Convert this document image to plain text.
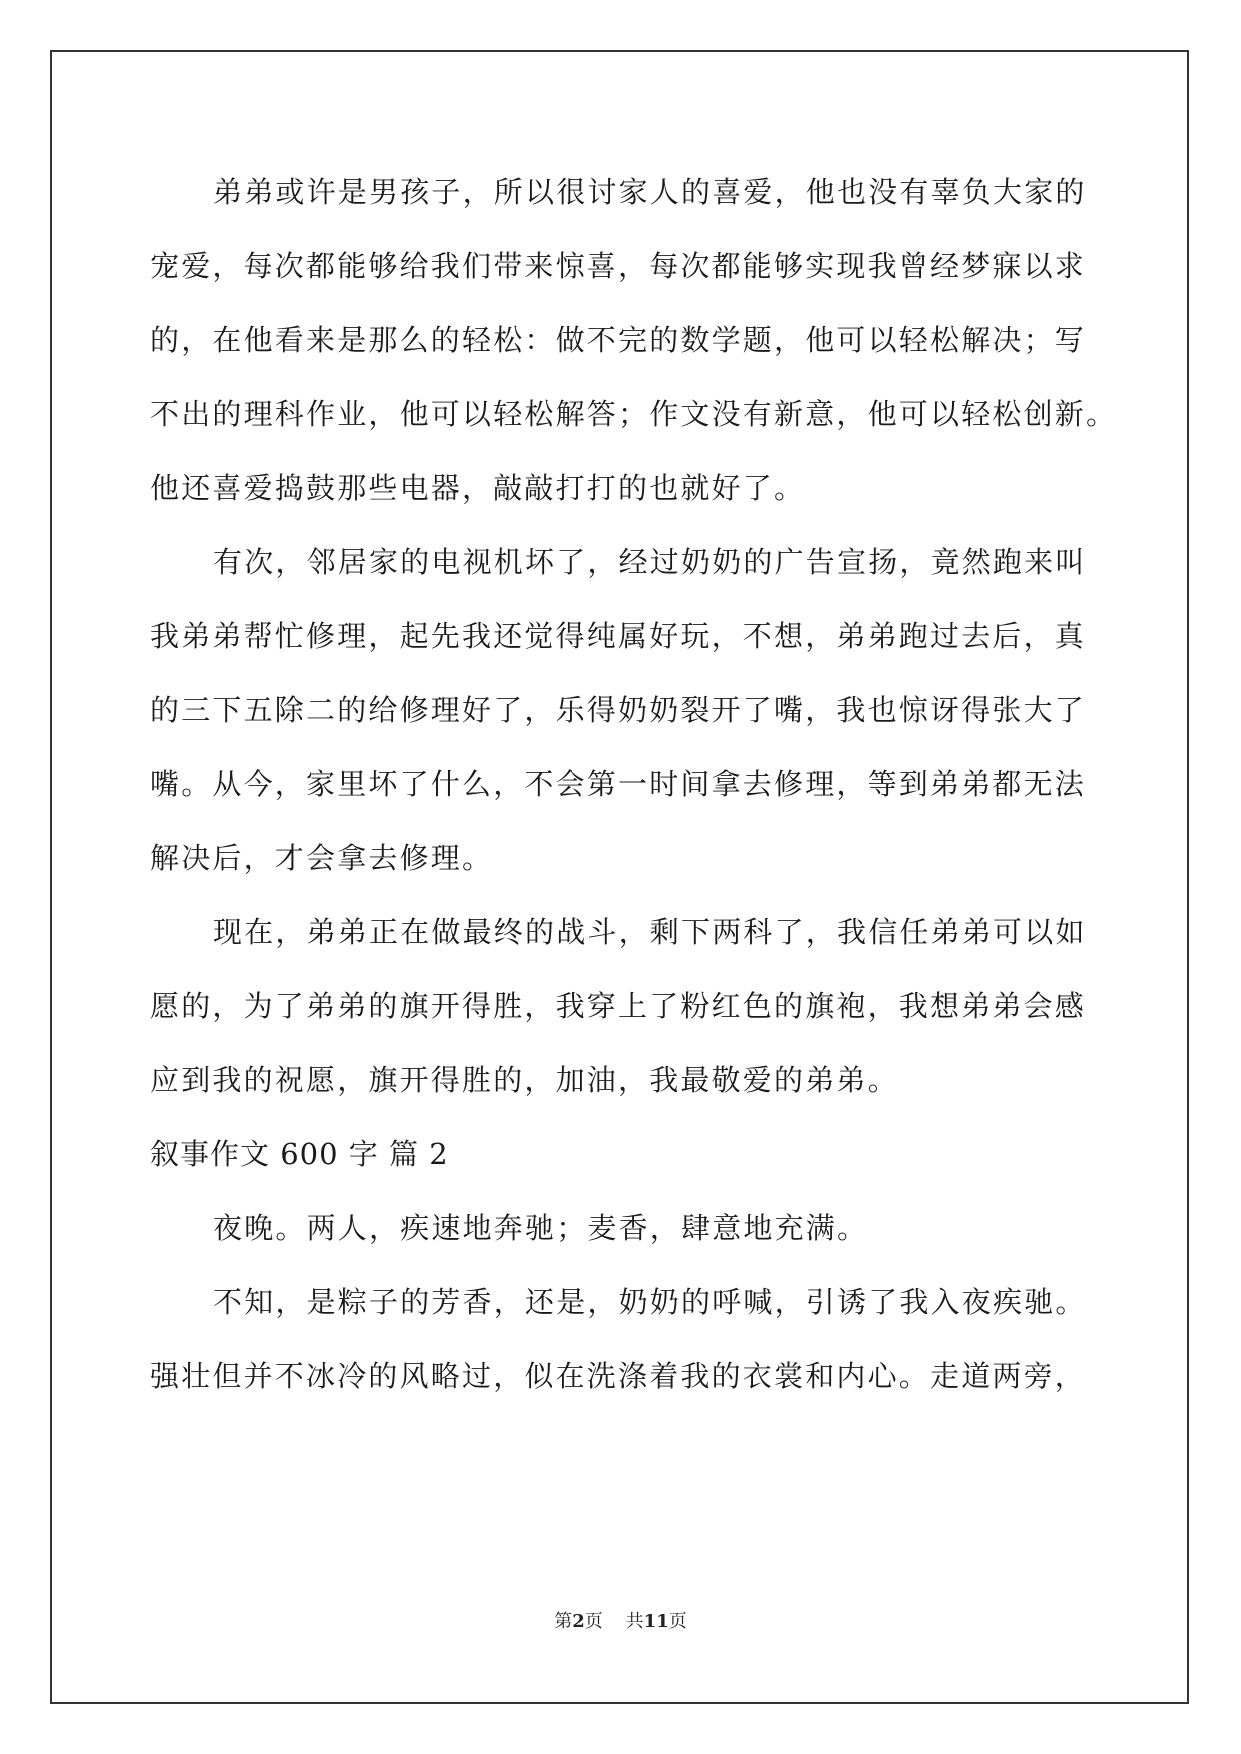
弟弟或许是男孩子，所以很讨家人的喜爱，他也没有辜负大家的
宠爱，每次都能够给我们带来惊喜，每次都能够实现我曾经梦寐以求
的，在他看来是那么的轻松：做不完的数学题，他可以轻松解决；写
不出的理科作业，他可以轻松解答；作文没有新意，他可以轻松创新。
他还喜爱捣鼓那些电器，敲敲打打的也就好了。
有次，邻居家的电视机坏了，经过奶奶的广告宣扬，竟然跑来叫
我弟弟帮忙修理，起先我还觉得纯属好玩，不想，弟弟跑过去后，真
的三下五除二的给修理好了，乐得奶奶裂开了嘴，我也惊讶得张大了
嘴。从今，家里坏了什么，不会第一时间拿去修理，等到弟弟都无法
解决后，才会拿去修理。
现在，弟弟正在做最终的战斗，剩下两科了，我信任弟弟可以如
愿的，为了弟弟的旗开得胜，我穿上了粉红色的旗袍，我想弟弟会感
应到我的祝愿，旗开得胜的，加油，我最敬爱的弟弟。
叙事作文 600 字 篇 2
夜晚。两人，疾速地奔驰；麦香，肆意地充满。
不知，是粽子的芳香，还是，奶奶的呼喊，引诱了我入夜疾驰。
强壮但并不冰冷的风略过，似在洗涤着我的衣裳和内心。走道两旁，
第2页 共11页
